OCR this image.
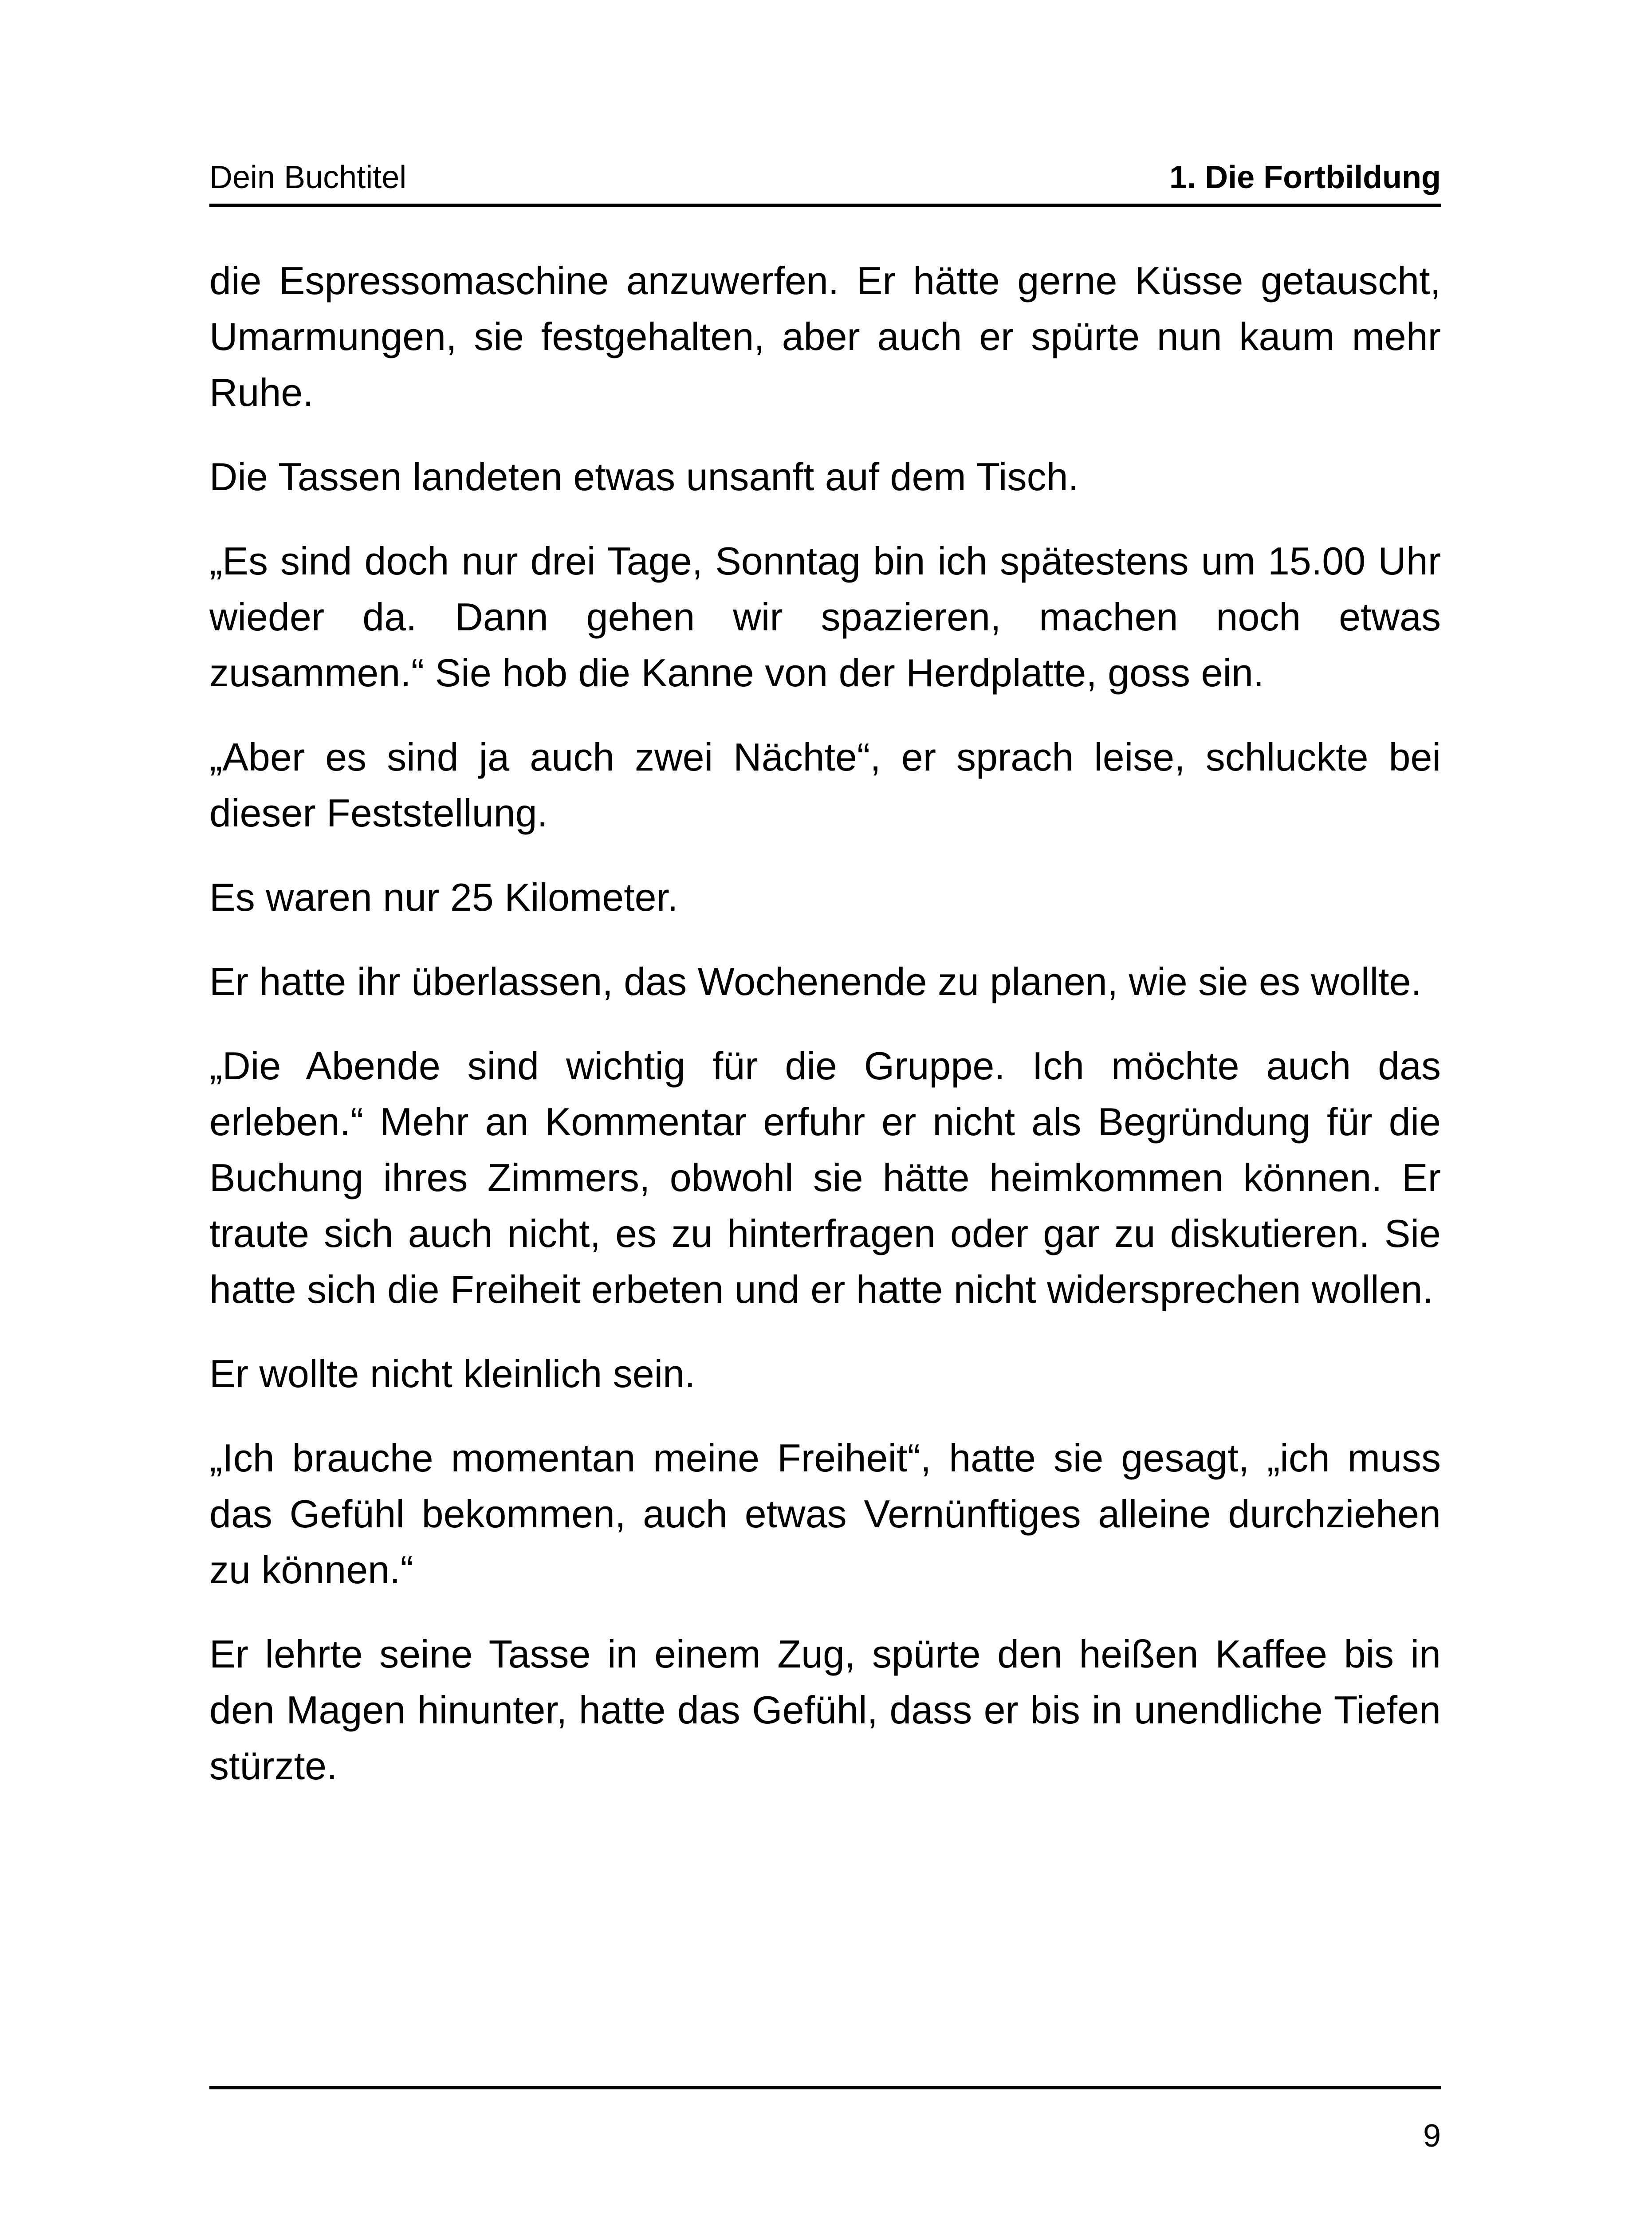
Dein Buchtitel	1. Die Fortbildung

die Espressomaschine anzuwerfen. Er hätte gerne Küsse getauscht, Umarmungen, sie festgehalten, aber auch er spürte nun kaum mehr Ruhe.

Die Tassen landeten etwas unsanft auf dem Tisch.

„Es sind doch nur drei Tage, Sonntag bin ich spätestens um 15.00 Uhr wieder da. Dann gehen wir spazieren, machen noch etwas zusammen.“ Sie hob die Kanne von der Herdplatte, goss ein.

„Aber es sind ja auch zwei Nächte“, er sprach leise, schluckte bei dieser Feststellung.

Es waren nur 25 Kilometer.

Er hatte ihr überlassen, das Wochenende zu planen, wie sie es wollte.

„Die Abende sind wichtig für die Gruppe. Ich möchte auch das erleben.“ Mehr an Kommentar erfuhr er nicht als Begründung für die Buchung ihres Zimmers, obwohl sie hätte heimkommen können. Er traute sich auch nicht, es zu hinterfragen oder gar zu diskutieren. Sie hatte sich die Freiheit erbeten und er hatte nicht widersprechen wollen.

Er wollte nicht kleinlich sein.

„Ich brauche momentan meine Freiheit“, hatte sie gesagt, „ich muss das Gefühl bekommen, auch etwas Vernünftiges alleine durchziehen zu können.“

Er lehrte seine Tasse in einem Zug, spürte den heißen Kaffee bis in den Magen hinunter, hatte das Gefühl, dass er bis in unendliche Tiefen stürzte.

9
